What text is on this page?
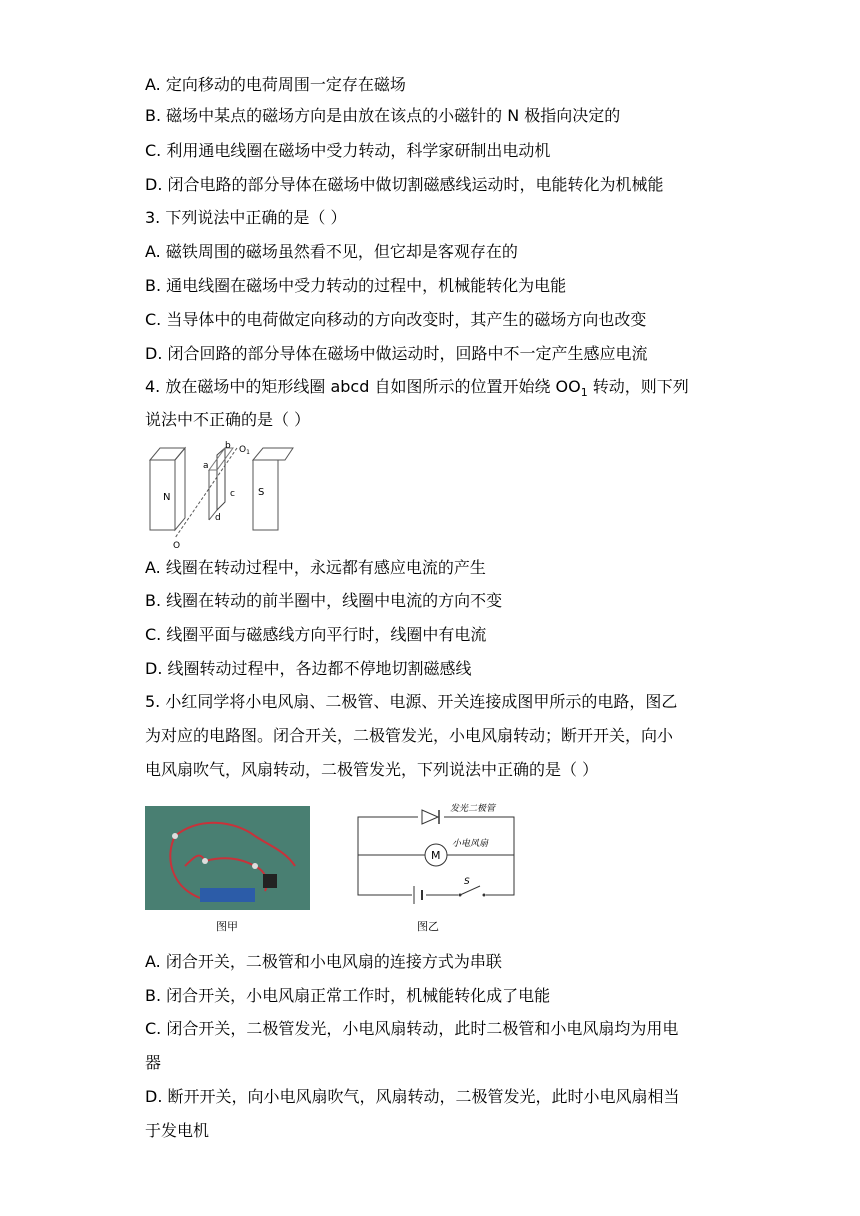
A. 定向移动的电荷周围一定存在磁场
B. 磁场中某点的磁场方向是由放在该点的小磁针的 N 极指向决定的
C. 利用通电线圈在磁场中受力转动，科学家研制出电动机
D. 闭合电路的部分导体在磁场中做切割磁感线运动时，电能转化为机械能
3. 下列说法中正确的是（ ）
A. 磁铁周围的磁场虽然看不见，但它却是客观存在的
B. 通电线圈在磁场中受力转动的过程中，机械能转化为电能
C. 当导体中的电荷做定向移动的方向改变时，其产生的磁场方向也改变
D. 闭合回路的部分导体在磁场中做运动时，回路中不一定产生感应电流
4. 放在磁场中的矩形线圈 abcd 自如图所示的位置开始绕 $OO_1$ 转动，则下列
说法中不正确的是（ ）
N	S
a
b
c
d
$O_1$
O
A. 线圈在转动过程中，永远都有感应电流的产生
B. 线圈在转动的前半圈中，线圈中电流的方向不变
C. 线圈平面与磁感线方向平行时，线圈中有电流
D. 线圈转动过程中，各边都不停地切割磁感线
5. 小红同学将小电风扇、二极管、电源、开关连接成图甲所示的电路，图乙
为对应的电路图。闭合开关，二极管发光，小电风扇转动；断开开关，向小
电风扇吹气，风扇转动，二极管发光，下列说法中正确的是（ ）
图甲
发光二极管
M
小电风扇
S
图乙
A. 闭合开关，二极管和小电风扇的连接方式为串联
B. 闭合开关，小电风扇正常工作时，机械能转化成了电能
C. 闭合开关，二极管发光，小电风扇转动，此时二极管和小电风扇均为用电
器
D. 断开开关，向小电风扇吹气，风扇转动，二极管发光，此时小电风扇相当
于发电机
